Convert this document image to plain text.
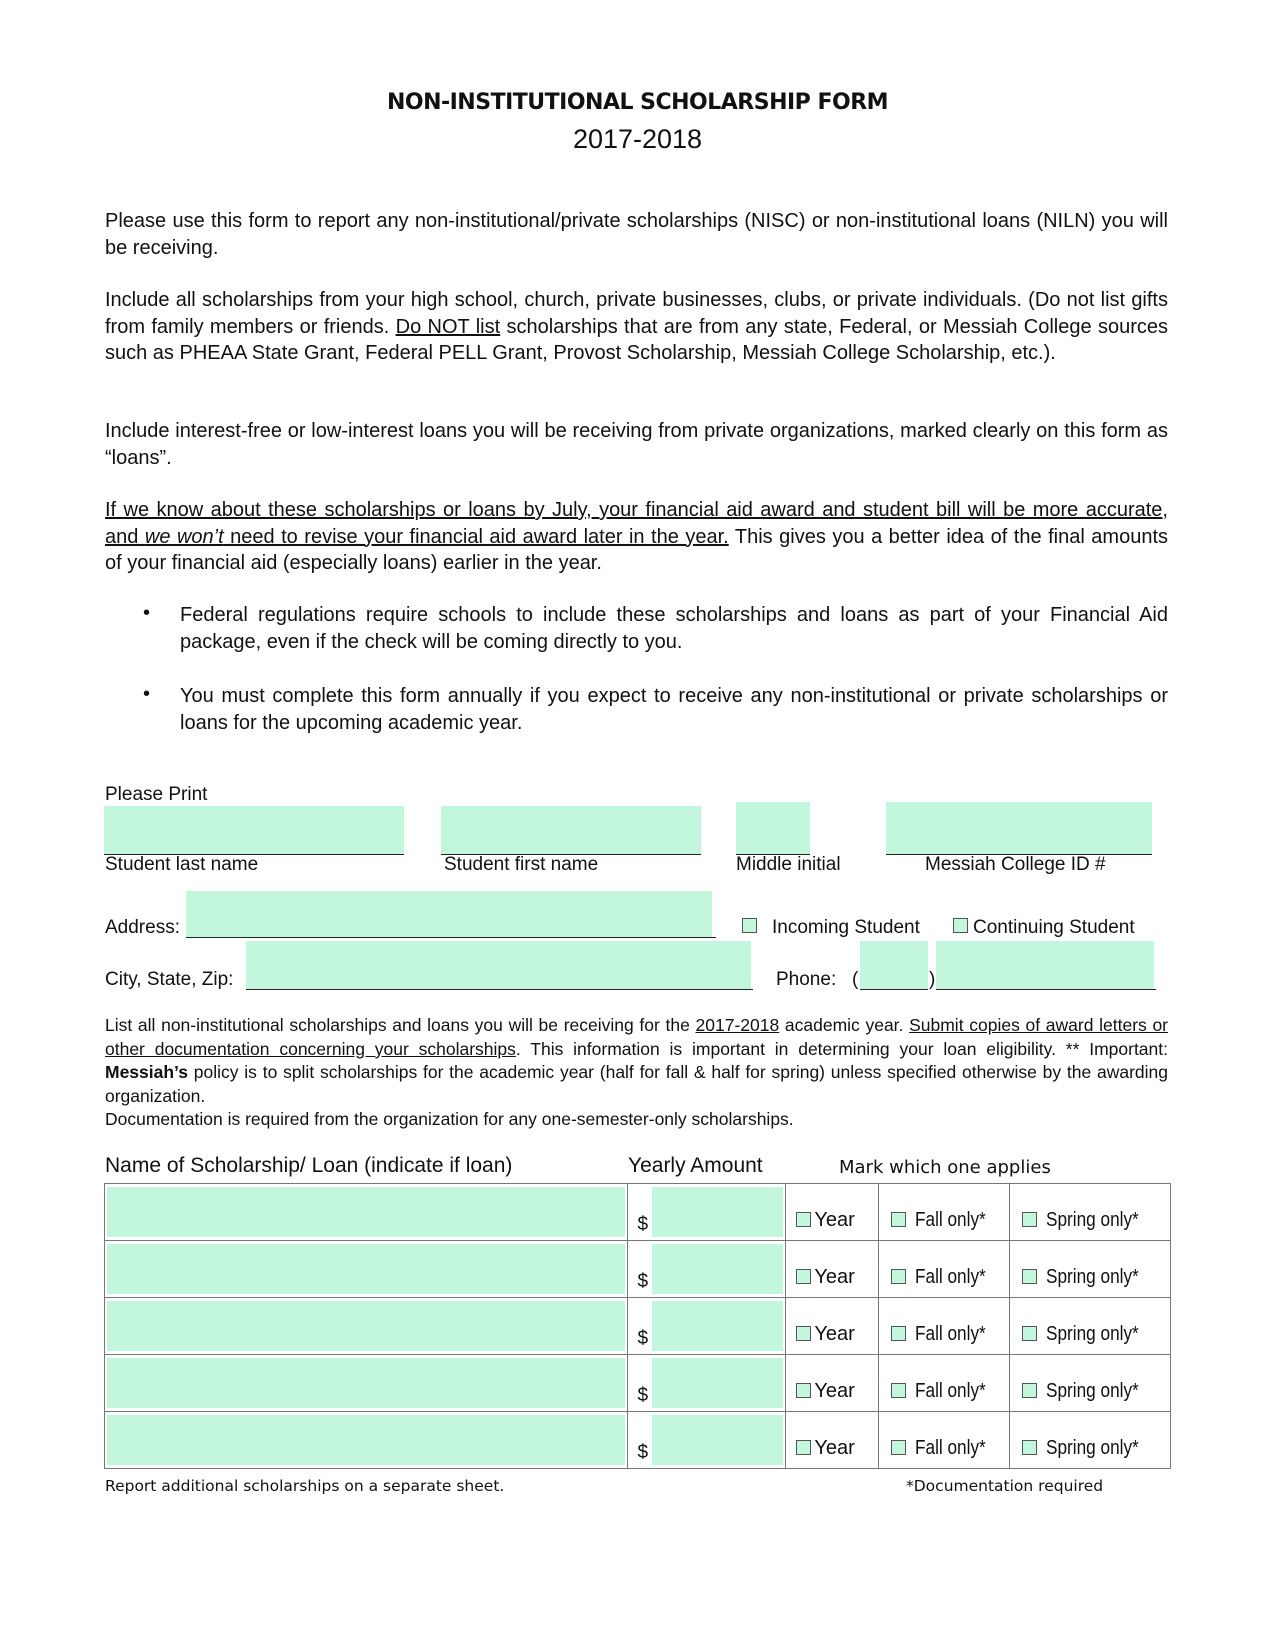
NON-INSTITUTIONAL SCHOLARSHIP FORM
2017-2018
Please use this form to report any non-institutional/private scholarships (NISC) or non-institutional loans (NILN) you will be receiving.
Include all scholarships from your high school, church, private businesses, clubs, or private individuals. (Do not list gifts from family members or friends. Do NOT list scholarships that are from any state, Federal, or Messiah College sources such as PHEAA State Grant, Federal PELL Grant, Provost Scholarship, Messiah College Scholarship, etc.).
Include interest-free or low-interest loans you will be receiving from private organizations, marked clearly on this form as “loans”.
If we know about these scholarships or loans by July, your financial aid award and student bill will be more accurate, and we won’t need to revise your financial aid award later in the year. This gives you a better idea of the final amounts of your financial aid (especially loans) earlier in the year.
• Federal regulations require schools to include these scholarships and loans as part of your Financial Aid package, even if the check will be coming directly to you.
• You must complete this form annually if you expect to receive any non-institutional or private scholarships or loans for the upcoming academic year.
Please Print
Student last name	Student first name	Middle initial	Messiah College ID #
Address:	Incoming Student	Continuing Student
City, State, Zip:	Phone: (	)
List all non-institutional scholarships and loans you will be receiving for the 2017-2018 academic year. Submit copies of award letters or other documentation concerning your scholarships. This information is important in determining your loan eligibility. ** Important: Messiah’s policy is to split scholarships for the academic year (half for fall & half for spring) unless specified otherwise by the awarding organization.
Documentation is required from the organization for any one-semester-only scholarships.
Name of Scholarship/ Loan (indicate if loan)	Yearly Amount	Mark which one applies

	$	Year	Fall only*	Spring only*

	$	Year	Fall only*	Spring only*

	$	Year	Fall only*	Spring only*

	$	Year	Fall only*	Spring only*

	$	Year	Fall only*	Spring only*
Report additional scholarships on a separate sheet.	*Documentation required
